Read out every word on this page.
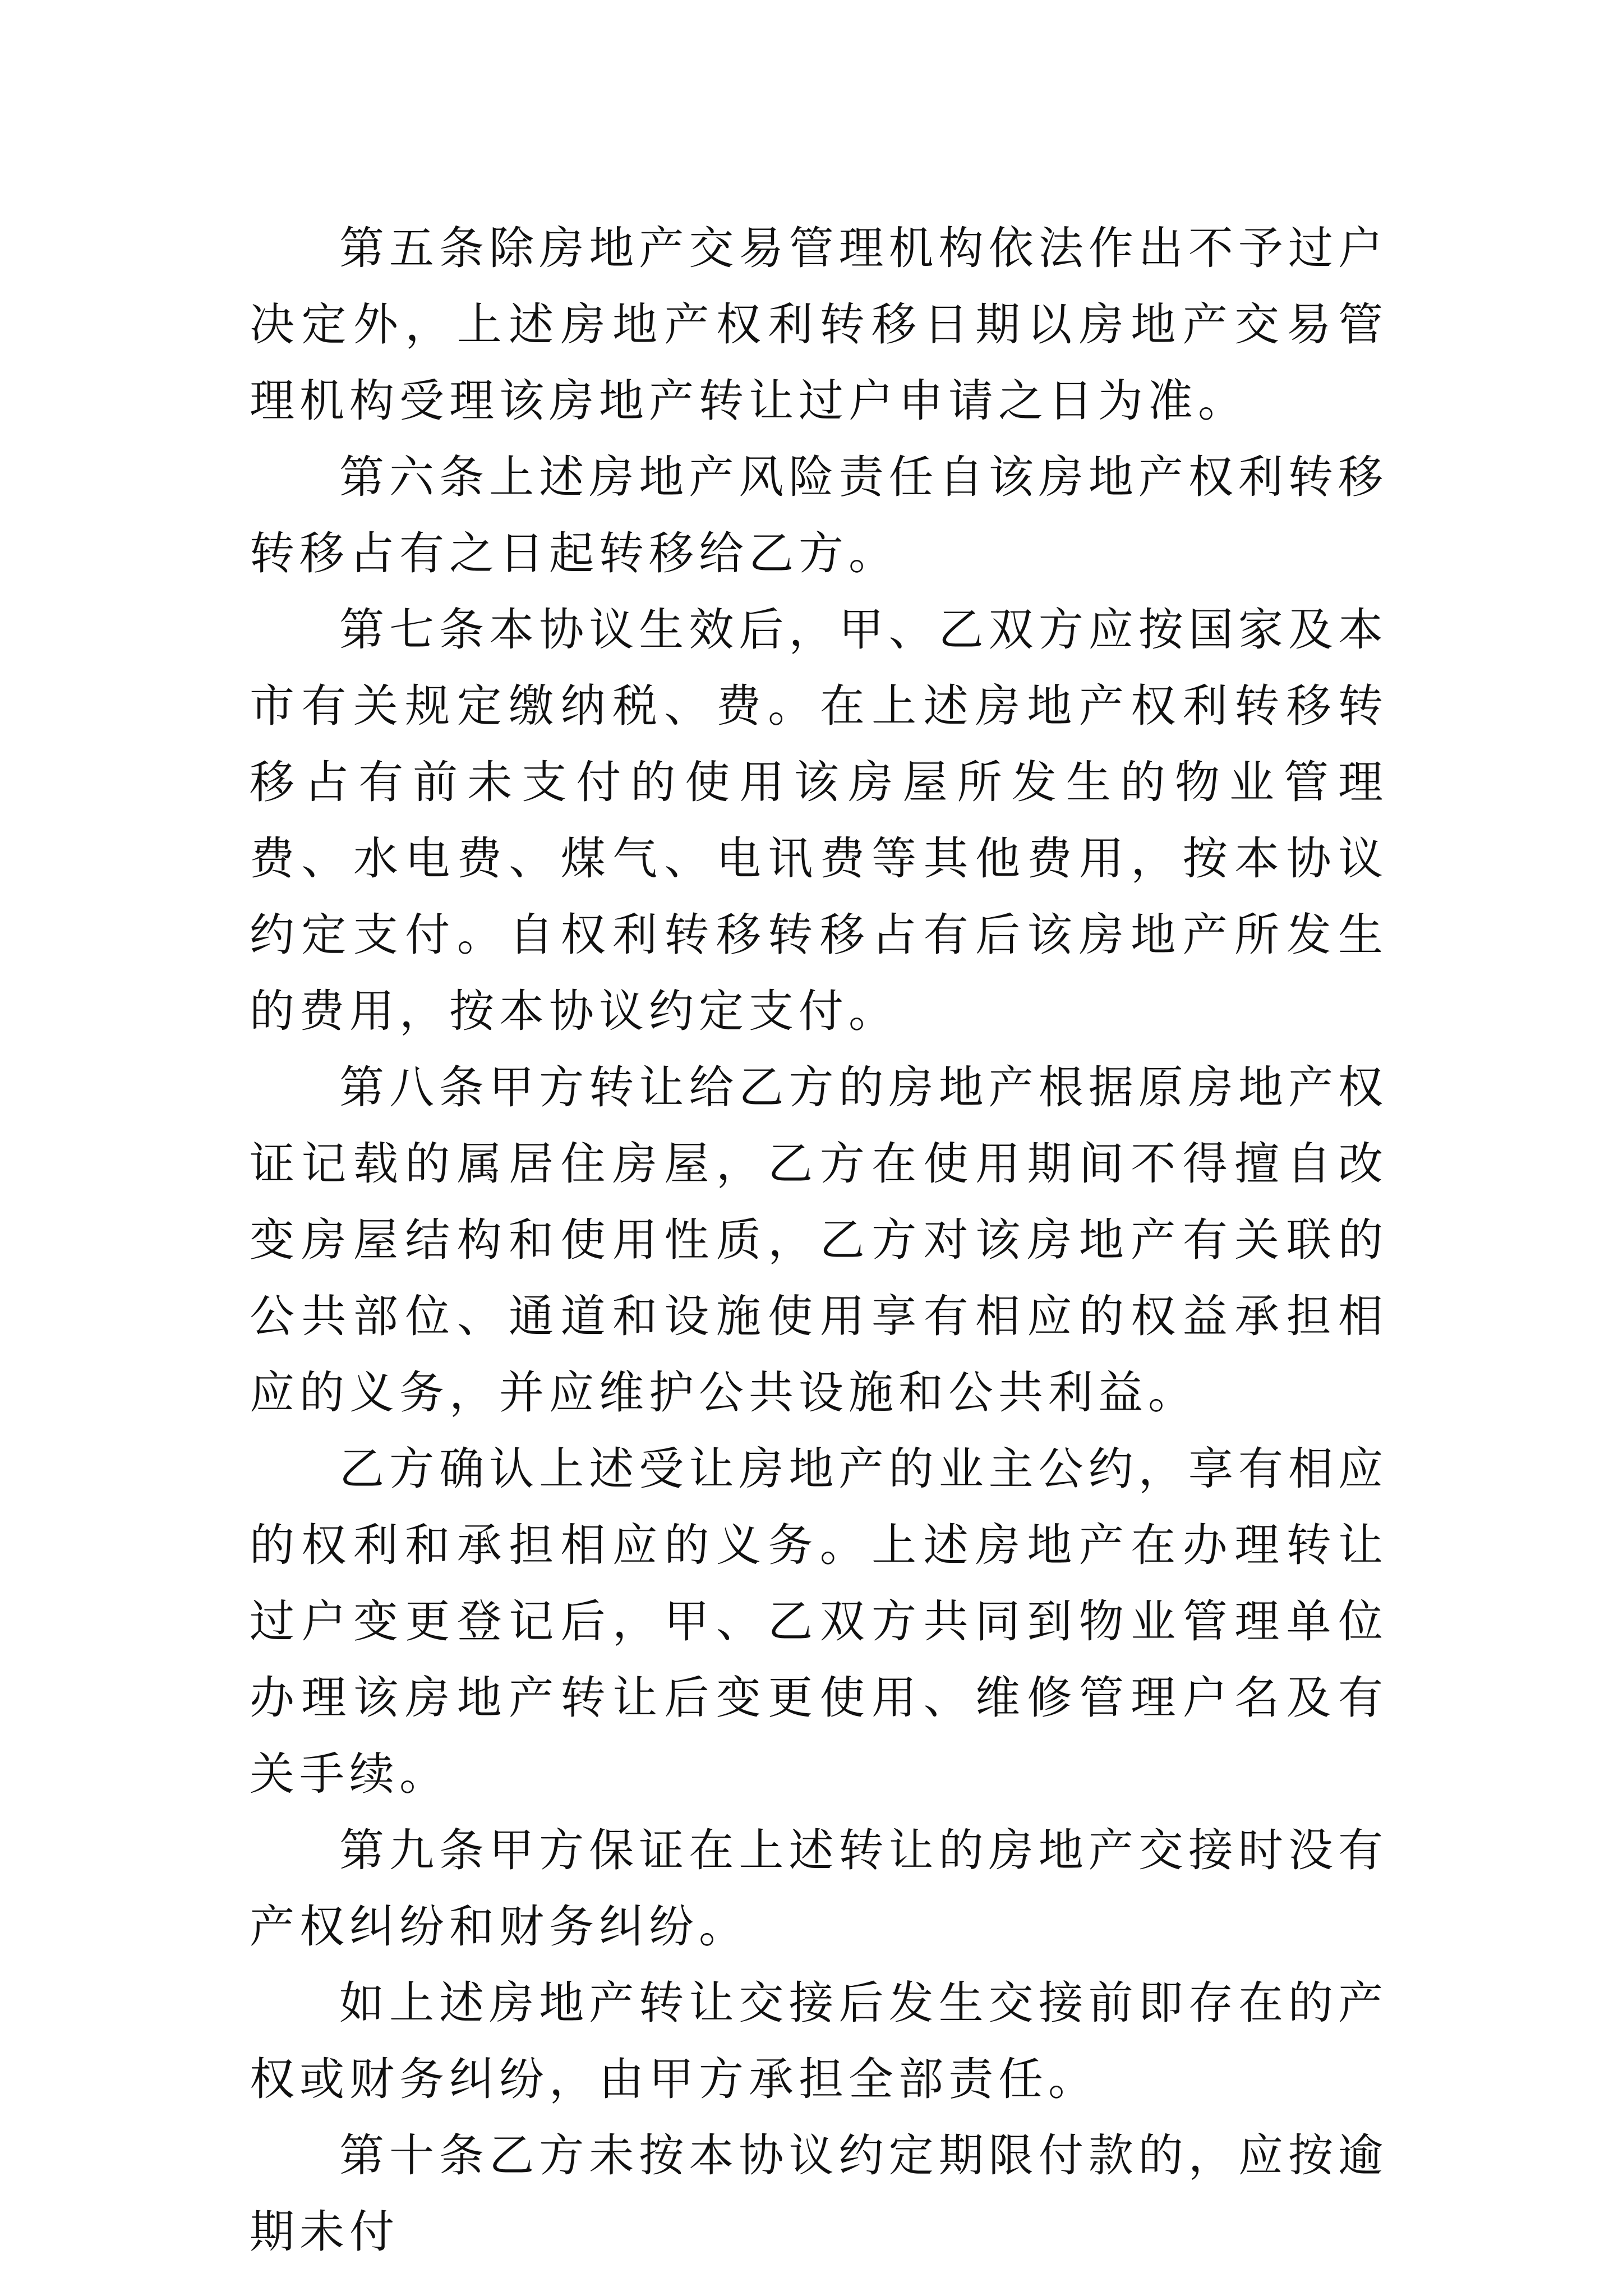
第五条除房地产交易管理机构依法作出不予过户决定外，上述房地产权利转移日期以房地产交易管理机构受理该房地产转让过户申请之日为准。

第六条上述房地产风险责任自该房地产权利转移转移占有之日起转移给乙方。

第七条本协议生效后，甲、乙双方应按国家及本市有关规定缴纳税、费。在上述房地产权利转移转移占有前未支付的使用该房屋所发生的物业管理费、水电费、煤气、电讯费等其他费用，按本协议约定支付。自权利转移转移占有后该房地产所发生的费用，按本协议约定支付。

第八条甲方转让给乙方的房地产根据原房地产权证记载的属居住房屋，乙方在使用期间不得擅自改变房屋结构和使用性质，乙方对该房地产有关联的公共部位、通道和设施使用享有相应的权益承担相应的义务，并应维护公共设施和公共利益。

乙方确认上述受让房地产的业主公约，享有相应的权利和承担相应的义务。上述房地产在办理转让过户变更登记后，甲、乙双方共同到物业管理单位办理该房地产转让后变更使用、维修管理户名及有关手续。

第九条甲方保证在上述转让的房地产交接时没有产权纠纷和财务纠纷。

如上述房地产转让交接后发生交接前即存在的产权或财务纠纷，由甲方承担全部责任。

第十条乙方未按本协议约定期限付款的，应按逾期未付
